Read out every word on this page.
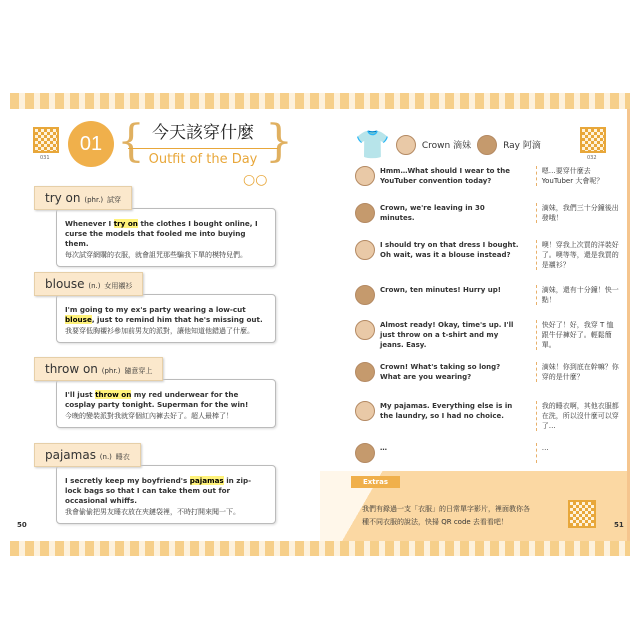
031
01 {	}
今天該穿什麼
Outfit of the Day
○○
try on (phr.) 試穿
Whenever I try on the clothes I bought online, I curse the models that fooled me into buying them.
每次試穿網購的衣服，就會詛咒那些騙我下單的模特兒們。
blouse (n.) 女用襯衫
I'm going to my ex's party wearing a low-cut blouse, just to remind him that he's missing out.
我要穿低胸襯衫參加前男友的派對，讓他知道他錯過了什麼。
throw on (phr.) 隨意穿上
I'll just throw on my red underwear for the cosplay party tonight. Superman for the win!
今晚的變裝派對我就穿個紅內褲去好了。超人最棒了！
pajamas (n.) 睡衣
I secretly keep my boyfriend's pajamas in zip-lock bags so that I can take them out for occasional whiffs.
我會偷偷把男友睡衣放在夾鏈袋裡，不時打開來聞一下。
50
032
👕	Crown 滴妹	Ray 阿滴
Hmm…What should I wear to the YouTuber convention today?
嗯…要穿什麼去 YouTuber 大會呢？
Crown, we're leaving in 30 minutes.
滴妹，我們三十分鐘後出發哦！
I should try on that dress I bought. Oh wait, was it a blouse instead?
噢！穿我上次買的洋裝好了。噢等等，還是我買的是襯衫？
Crown, ten minutes! Hurry up!	滴妹，還有十分鐘！快一點！
Almost ready! Okay, time's up. I'll just throw on a t-shirt and my jeans. Easy.
快好了！好，我穿 T 恤跟牛仔褲好了。輕鬆簡單。
Crown! What's taking so long? What are you wearing?
滴妹！你到底在幹嘛？你穿的是什麼？
My pajamas. Everything else is in the laundry, so I had no choice.
我的睡衣啊，其他衣服都在洗，所以沒什麼可以穿了…
…	…
Extras
我們有錄過一支「衣服」的日常單字影片，裡面教你各種不同衣服的說法，快掃 QR code 去看看吧！	51
